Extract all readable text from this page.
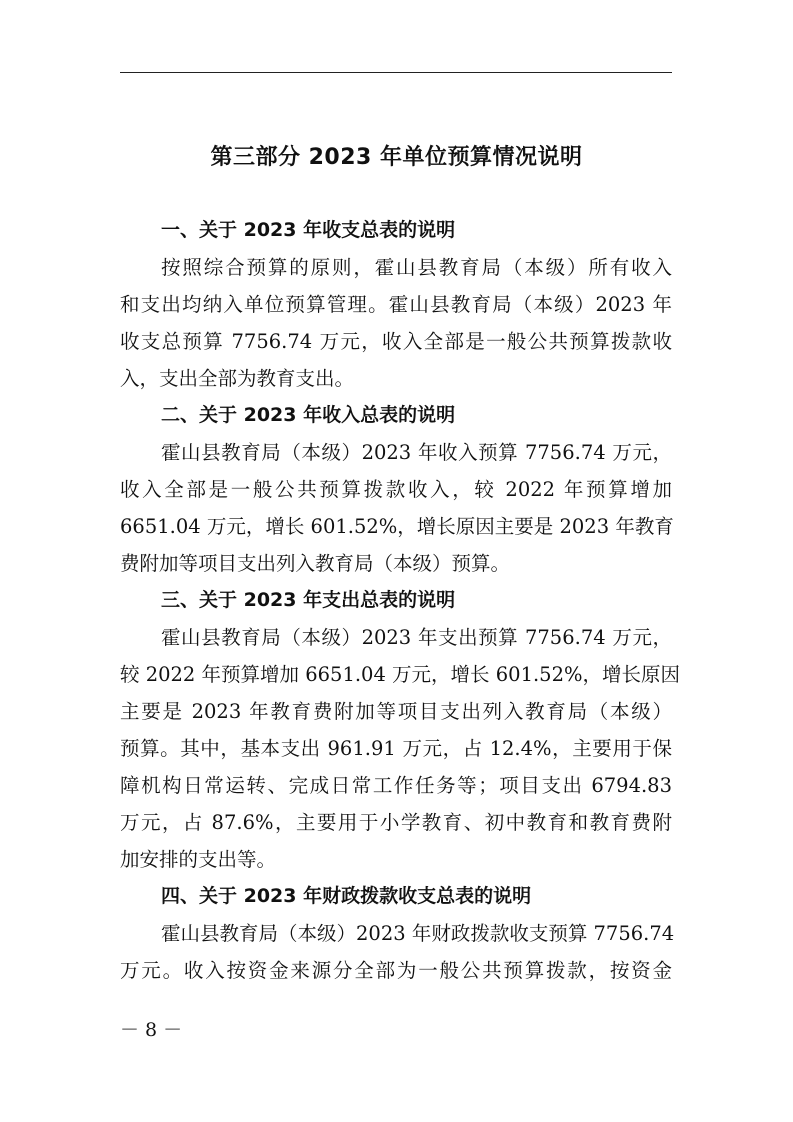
第三部分 2023 年单位预算情况说明
一、关于 2023 年收支总表的说明
按照综合预算的原则，霍山县教育局（本级）所有收入
和支出均纳入单位预算管理。霍山县教育局（本级）2023 年
收支总预算 7756.74 万元，收入全部是一般公共预算拨款收
入，支出全部为教育支出。
二、关于 2023 年收入总表的说明
霍山县教育局（本级）2023 年收入预算 7756.74 万元，
收入全部是一般公共预算拨款收入，较 2022 年预算增加
6651.04 万元，增长 601.52%，增长原因主要是 2023 年教育
费附加等项目支出列入教育局（本级）预算。
三、关于 2023 年支出总表的说明
霍山县教育局（本级）2023 年支出预算 7756.74 万元，
较 2022 年预算增加 6651.04 万元，增长 601.52%，增长原因
主要是 2023 年教育费附加等项目支出列入教育局（本级）
预算。其中，基本支出 961.91 万元，占 12.4%，主要用于保
障机构日常运转、完成日常工作任务等；项目支出 6794.83
万元，占 87.6%，主要用于小学教育、初中教育和教育费附
加安排的支出等。
四、关于 2023 年财政拨款收支总表的说明
霍山县教育局（本级）2023 年财政拨款收支预算 7756.74
万元。收入按资金来源分全部为一般公共预算拨款，按资金
－ 8 －
